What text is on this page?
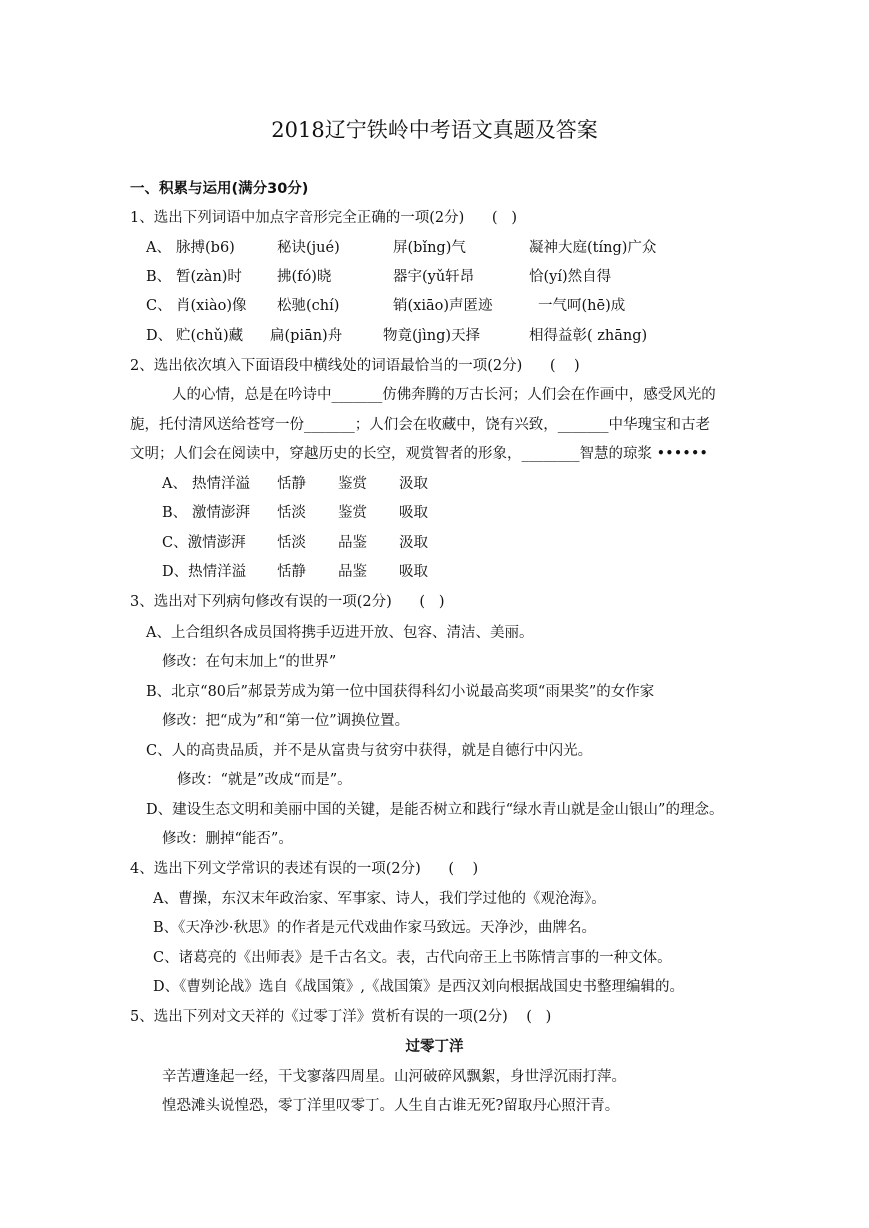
2018辽宁铁岭中考语文真题及答案
一、积累与运用(满分30分)
1、选出下列词语中加点字音形完全正确的一项(2分)      (   )
A、 脉搏(b6)	秘诀(jué)	屏(bǐng)气	凝神大庭(tíng)广众
B、 暂(zàn)时 拂(fó)晓	器宇(yǔ轩昂	恰(yí)然自得
C、 肖(xiào)像 松驰(chí)	销(xiāo)声匿迹	一气呵(hē)成
D、 贮(chǔ)藏 扁(piān)舟	物竟(jìng)天择	相得益彰( zhāng)
2、选出依次填入下面语段中横线处的词语最恰当的一项(2分)      (    )
人的心情，总是在吟诗中_______仿佛奔腾的万古长河；人们会在作画中，感受风光的
旎，托付清风送给苍穹一份_______；人们会在收藏中，饶有兴致，_______中华瑰宝和古老
文明；人们会在阅读中，穿越历史的长空，观赏智者的形象，________智慧的琼浆 ••••••
A、 热情洋溢 恬静 鉴赏 汲取
B、 激情澎湃 恬淡 鉴赏 吸取
C、激情澎湃 恬淡 品鉴 汲取
D、热情洋溢 恬静 品鉴 吸取
3、选出对下列病句修改有误的一项(2分)      (   )
A、上合组织各成员国将携手迈进开放、包容、清洁、美丽。
修改：在句末加上“的世界”
B、北京“80后”郝景芳成为第一位中国获得科幻小说最高奖项“雨果奖”的女作家
修改：把“成为”和“第一位”调换位置。
C、人的高贵品质，并不是从富贵与贫穷中获得，就是自德行中闪光。
修改：“就是”改成“而是”。
D、建设生态文明和美丽中国的关键，是能否树立和践行“绿水青山就是金山银山”的理念。
修改：删掉“能否”。
4、选出下列文学常识的表述有误的一项(2分)      (    )
A、曹操，东汉末年政治家、军事家、诗人，我们学过他的《观沧海》。
B、《天净沙·秋思》的作者是元代戏曲作家马致远。天净沙，曲牌名。
C、诸葛亮的《出师表》是千古名文。表，古代向帝王上书陈情言事的一种文体。
D、《曹刿论战》选自《战国策》,《战国策》是西汉刘向根据战国史书整理编辑的。
5、选出下列对文天祥的《过零丁洋》赏析有误的一项(2分)    (   )
过零丁洋
辛苦遭逢起一经，干戈寥落四周星。山河破碎风飘絮，身世浮沉雨打萍。
惶恐滩头说惶恐，零丁洋里叹零丁。人生自古谁无死?留取丹心照汗青。
